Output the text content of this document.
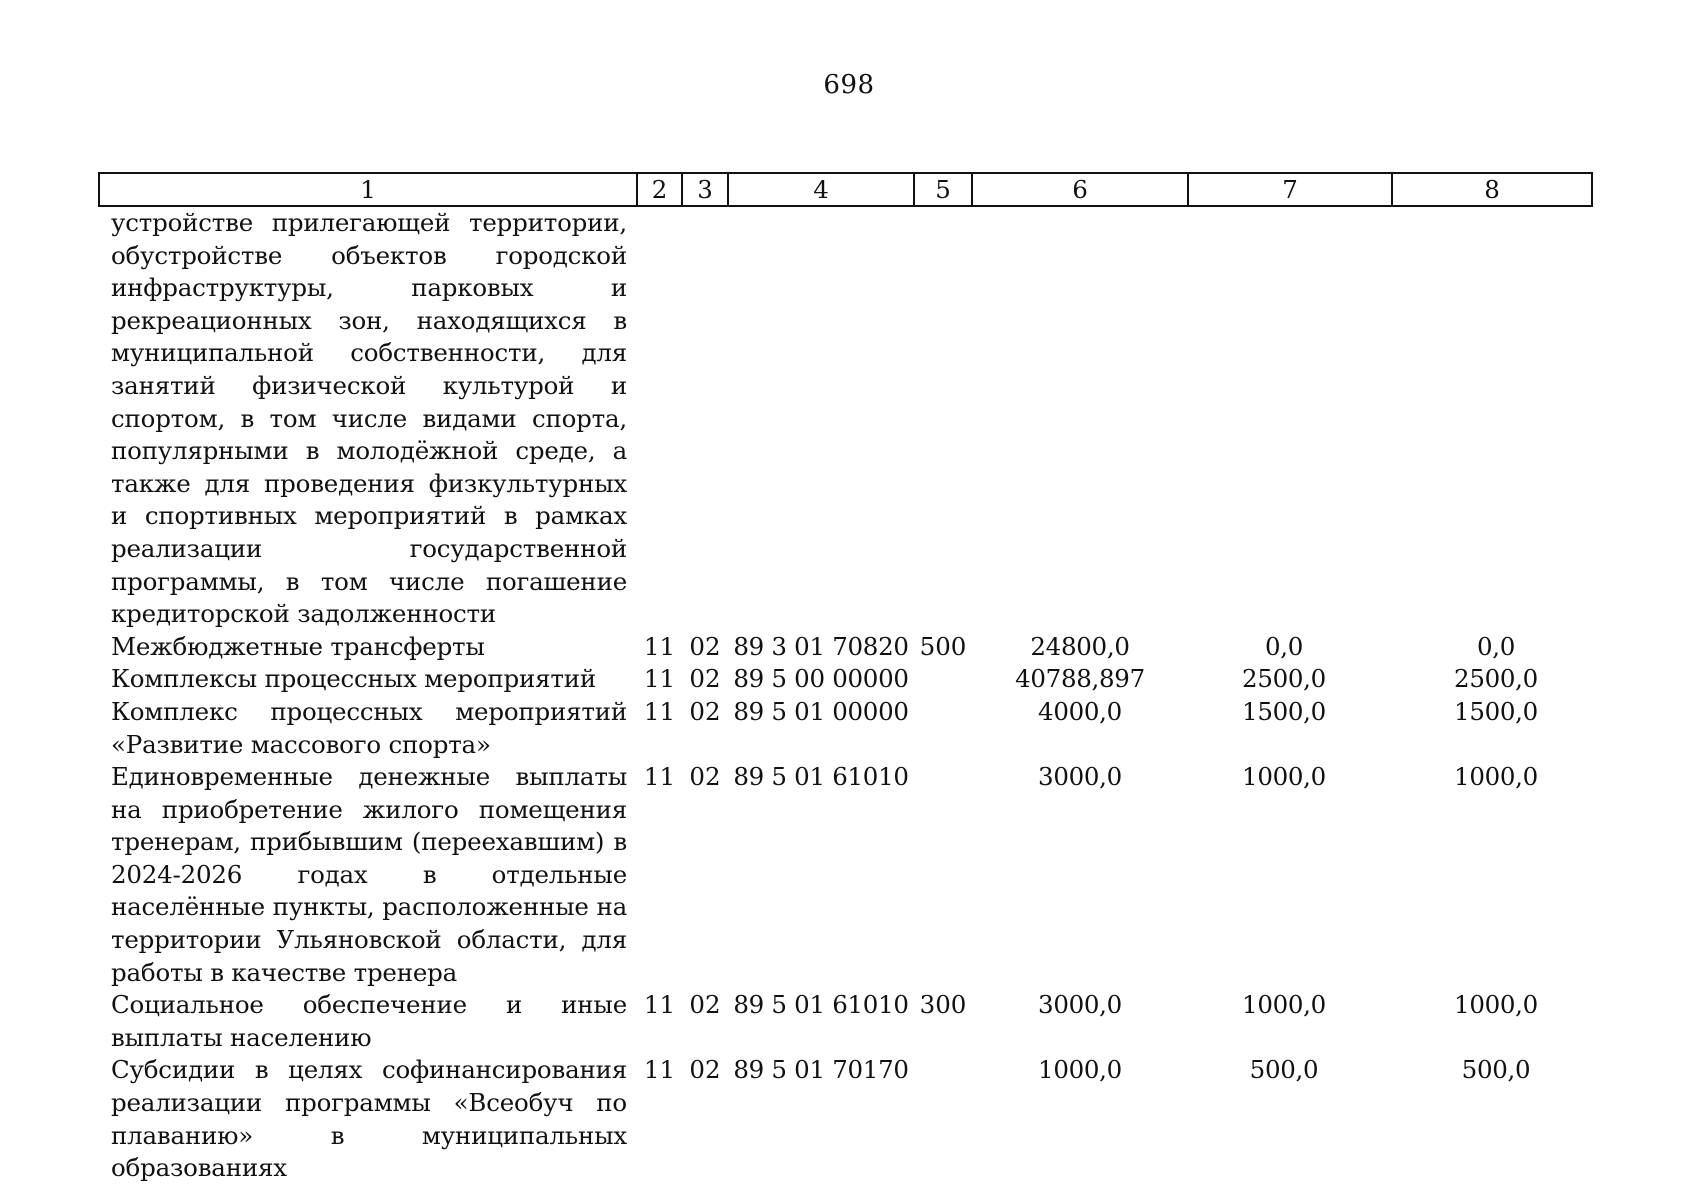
698
1	2	3	4	5	6	7	8
устройстве прилегающей территории, обустройстве объектов городской инфраструктуры, парковых и рекреационных зон, находящихся в муниципальной собственности, для занятий физической культурой и спортом, в том числе видами спорта, популярными в молодёжной среде, а также для проведения физкультурных и спортивных мероприятий в рамках реализации государственной программы, в том числе погашение кредиторской задолженности							
Межбюджетные трансферты	11	02	89 3 01 70820	500	24800,0	0,0	0,0
Комплексы процессных мероприятий	11	02	89 5 00 00000		40788,897	2500,0	2500,0
Комплекс процессных мероприятий «Развитие массового спорта»	11	02	89 5 01 00000		4000,0	1500,0	1500,0
Единовременные денежные выплаты на приобретение жилого помещения тренерам, прибывшим (переехавшим) в 2024-2026 годах в отдельные населённые пункты, расположенные на территории Ульяновской области, для работы в качестве тренера	11	02	89 5 01 61010		3000,0	1000,0	1000,0
Социальное обеспечение и иные выплаты населению	11	02	89 5 01 61010	300	3000,0	1000,0	1000,0
Субсидии в целях софинансирования реализации программы «Всеобуч по плаванию» в муниципальных образованиях	11	02	89 5 01 70170		1000,0	500,0	500,0
